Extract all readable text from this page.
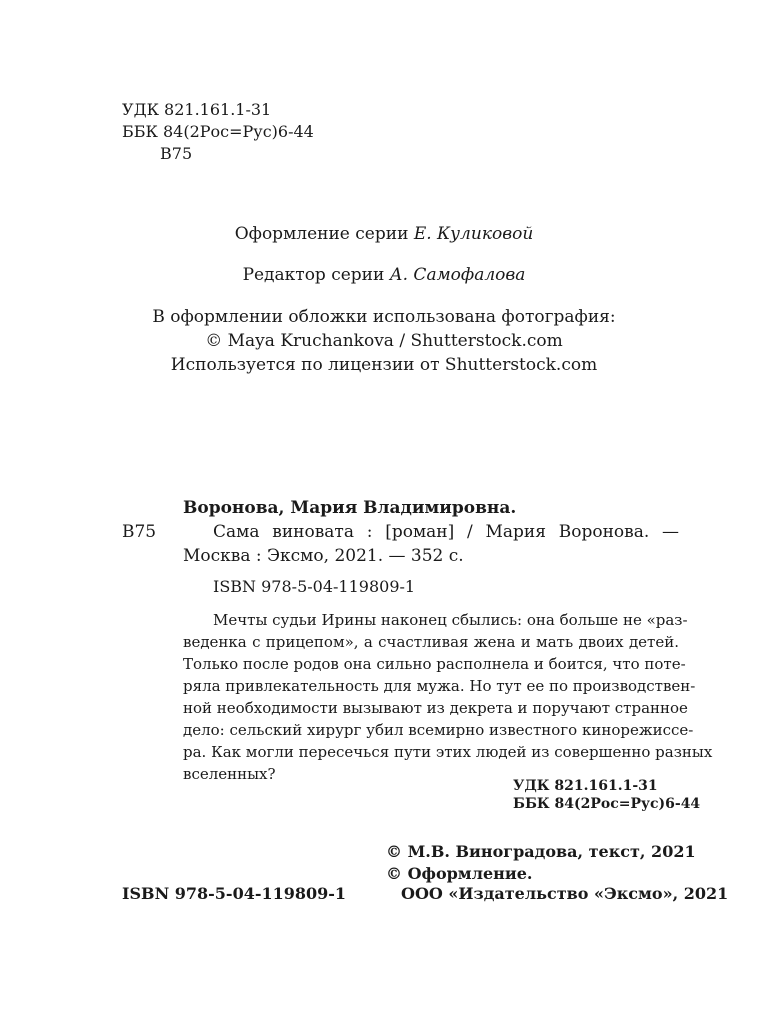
УДК 821.161.1-31
ББК 84(2Рос=Рус)6-44
В75
Оформление серии Е. Куликовой
Редактор серии А. Самофалова
В оформлении обложки использована фотография:
© Maya Kruchankova / Shutterstock.com
Используется по лицензии от Shutterstock.com
Воронова, Мария Владимировна.
В75	Сама виновата : [роман] / Мария Воронова. —
Москва : Эксмо, 2021. — 352 с.
ISBN 978-5-04-119809-1
Мечты судьи Ирины наконец сбылись: она больше не «раз-
веденка с прицепом», а счастливая жена и мать двоих детей.
Только после родов она сильно располнела и боится, что поте-
ряла привлекательность для мужа. Но тут ее по производствен-
ной необходимости вызывают из декрета и поручают странное
дело: сельский хирург убил всемирно известного кинорежиссе-
ра. Как могли пересечься пути этих людей из совершенно разных
вселенных?
УДК 821.161.1-31
ББК 84(2Рос=Рус)6-44
© М.В. Виноградова, текст, 2021
© Оформление.
ISBN 978-5-04-119809-1	ООО «Издательство «Эксмо», 2021
